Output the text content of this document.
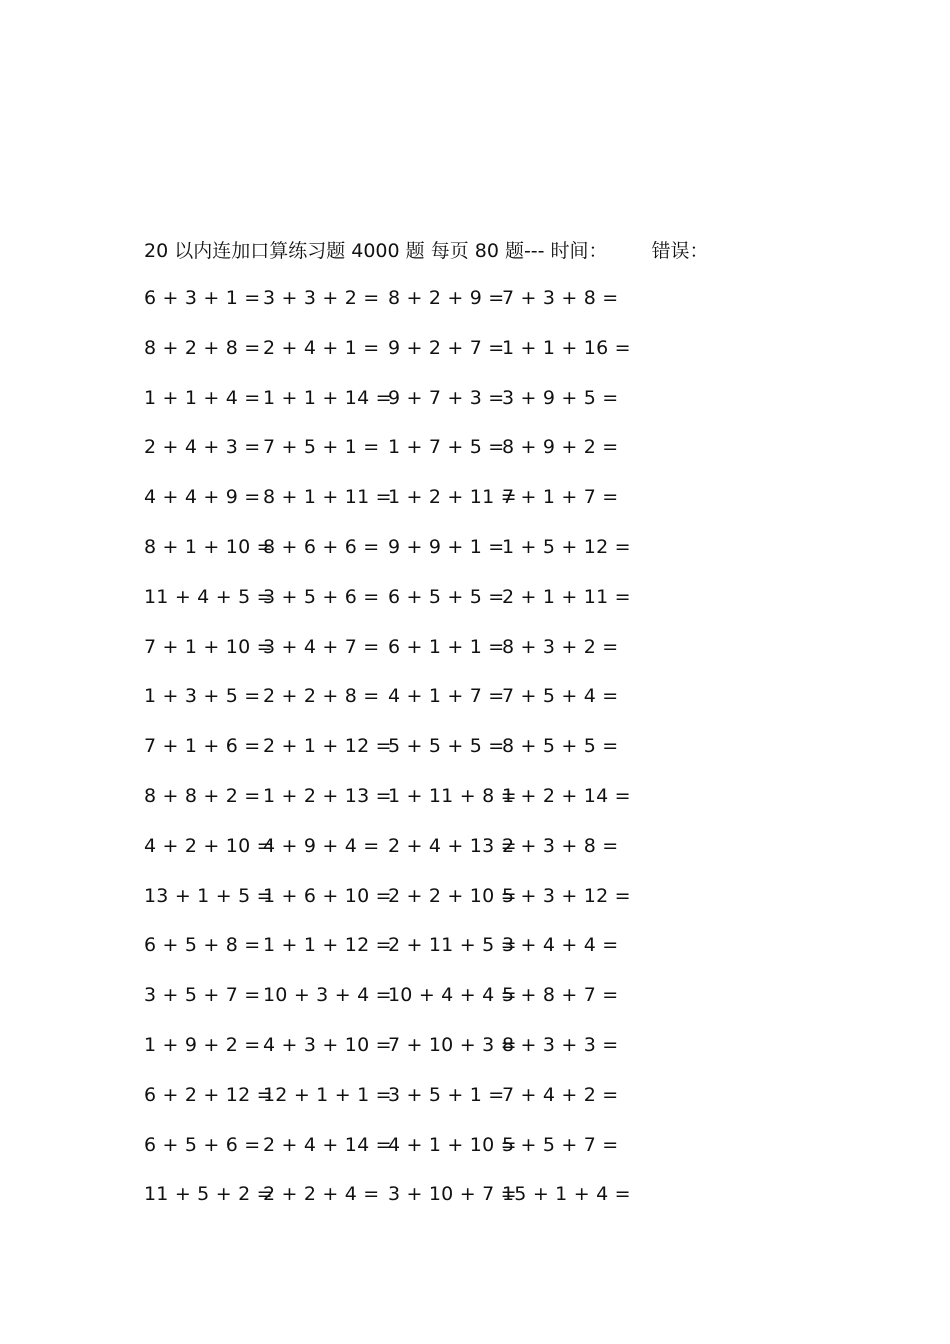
20 以内连加口算练习题 4000 题 每页 80 题--- 时间： 错误：
6 + 3 + 1 = 3 + 3 + 2 = 8 + 2 + 9 =
7 + 3 + 8 =
8 + 2 + 8 = 2 + 4 + 1 = 9 + 2 + 7 =
1 + 1 + 16 =
1 + 1 + 4 = 1 + 1 + 14 =
9 + 7 + 3 =
3 + 9 + 5 =
2 + 4 + 3 = 7 + 5 + 1 = 1 + 7 + 5 =
8 + 9 + 2 =
4 + 4 + 9 = 8 + 1 + 11 =
1 + 2 + 11 =
7 + 1 + 7 =
8 + 1 + 10 =
8 + 6 + 6 = 9 + 9 + 1 =
1 + 5 + 12 =
11 + 4 + 5 =
3 + 5 + 6 = 6 + 5 + 5 =
2 + 1 + 11 =
7 + 1 + 10 =
3 + 4 + 7 = 6 + 1 + 1 =
8 + 3 + 2 =
1 + 3 + 5 = 2 + 2 + 8 = 4 + 1 + 7 =
7 + 5 + 4 =
7 + 1 + 6 = 2 + 1 + 12 =
5 + 5 + 5 =
8 + 5 + 5 =
8 + 8 + 2 = 1 + 2 + 13 =
1 + 11 + 8 =
1 + 2 + 14 =
4 + 2 + 10 =
4 + 9 + 4 = 2 + 4 + 13 =
2 + 3 + 8 =
13 + 1 + 5 =
1 + 6 + 10 =
2 + 2 + 10 =
5 + 3 + 12 =
6 + 5 + 8 = 1 + 1 + 12 =
2 + 11 + 5 =
3 + 4 + 4 =
3 + 5 + 7 = 10 + 3 + 4 =
10 + 4 + 4 =
5 + 8 + 7 =
1 + 9 + 2 = 4 + 3 + 10 =
7 + 10 + 3 =
8 + 3 + 3 =
6 + 2 + 12 =
12 + 1 + 1 =
3 + 5 + 1 =
7 + 4 + 2 =
6 + 5 + 6 = 2 + 4 + 14 =
4 + 1 + 10 =
5 + 5 + 7 =
11 + 5 + 2 =
2 + 2 + 4 = 3 + 10 + 7 =
15 + 1 + 4 =
